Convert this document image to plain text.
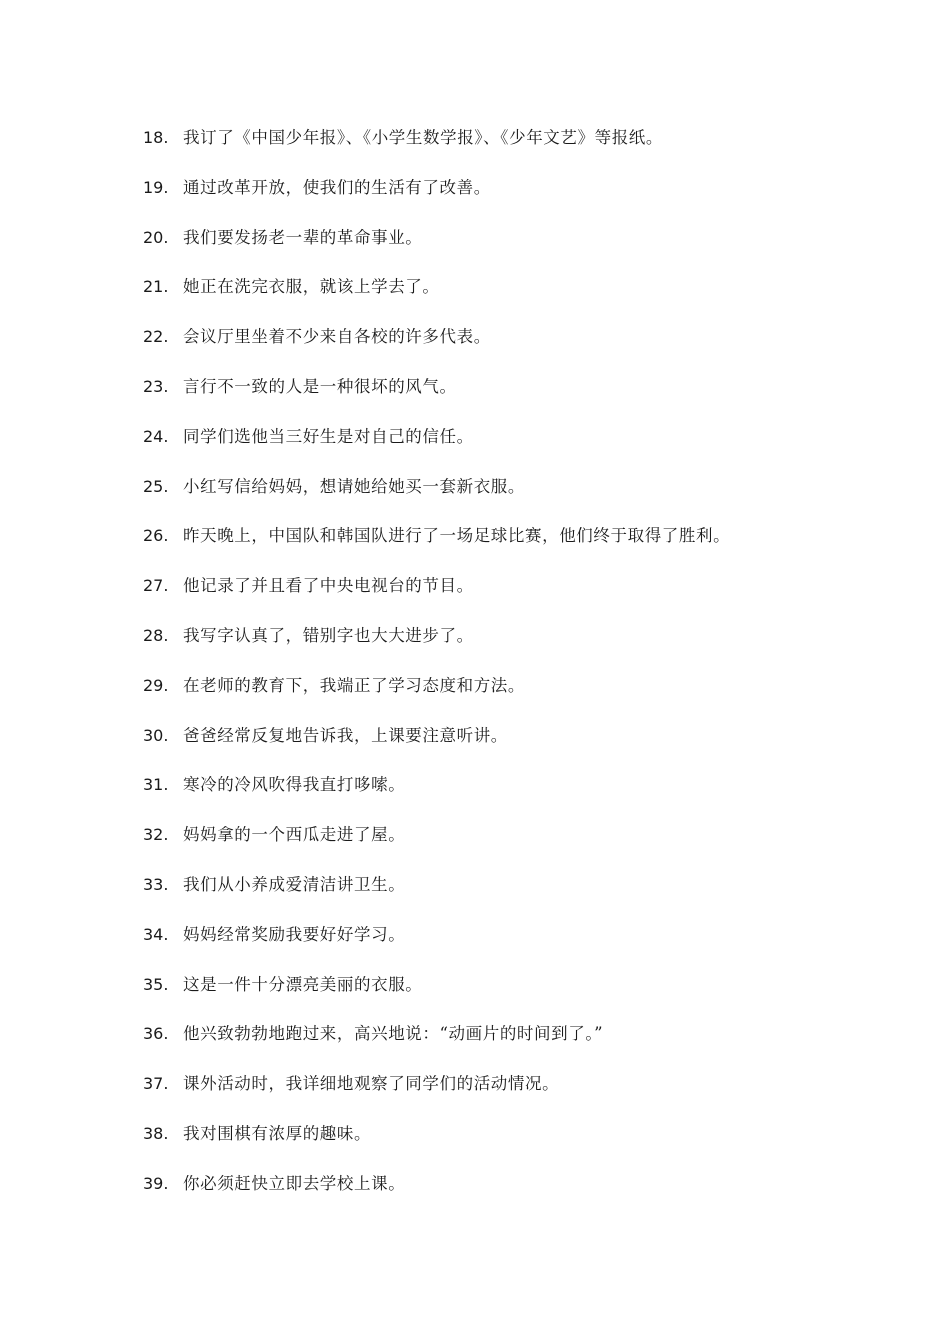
18. 我订了《中国少年报》、《小学生数学报》、《少年文艺》等报纸。
19. 通过改革开放，使我们的生活有了改善。
20. 我们要发扬老一辈的革命事业。
21. 她正在洗完衣服，就该上学去了。
22. 会议厅里坐着不少来自各校的许多代表。
23. 言行不一致的人是一种很坏的风气。
24. 同学们选他当三好生是对自己的信任。
25. 小红写信给妈妈，想请她给她买一套新衣服。
26. 昨天晚上，中国队和韩国队进行了一场足球比赛，他们终于取得了胜利。
27. 他记录了并且看了中央电视台的节目。
28. 我写字认真了，错别字也大大进步了。
29. 在老师的教育下，我端正了学习态度和方法。
30. 爸爸经常反复地告诉我，上课要注意听讲。
31. 寒冷的冷风吹得我直打哆嗦。
32. 妈妈拿的一个西瓜走进了屋。
33. 我们从小养成爱清洁讲卫生。
34. 妈妈经常奖励我要好好学习。
35. 这是一件十分漂亮美丽的衣服。
36. 他兴致勃勃地跑过来，高兴地说：“动画片的时间到了。”
37. 课外活动时，我详细地观察了同学们的活动情况。
38. 我对围棋有浓厚的趣味。
39. 你必须赶快立即去学校上课。
